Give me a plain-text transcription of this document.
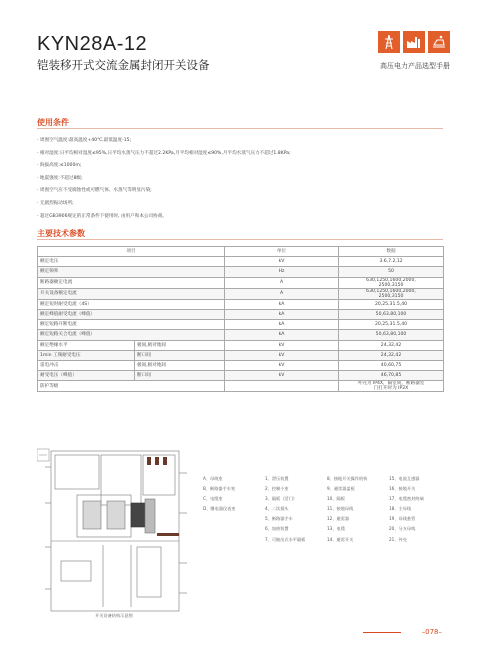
KYN28A-12
铠装移开式交流金属封闭开关设备	高压电力产品选型手册
使用条件
· 周围空气温度:最高温度+40℃,最低温度-15;
· 相对湿度:日平均相对湿度≤95%,日平均水蒸气压力不超过2.2KPa,月平均相对湿度≤90%,月平均水蒸气压力不超过1.8KPa;
· 海拔高度:≤1000m;
· 地震强度:不超过8级;
· 周围空气应不受腐蚀性或可燃气体、水蒸气等明显污染;
· 无剧烈振动场所;
· 超过GB3906规定的正常条件下使用时, 由用户和本公司协商。
主要技术参数
项目		单位	数据
额定电压		kV	3.6,7.2,12
额定频率		Hz	50
断路器额定电流		A	630,1250,1600,2000,
2500,3150
开关设备额定电流		A	630,1250,1600,2000,
2500,3150
额定短时耐受电流（4S）		kA	20,25,31.5,40
额定峰值耐受电流（峰值）		kA	50,63,80,100
额定短路开断电流		kA	20,25,31.5,40
额定短路关合电流（峰值）		kA	50,63,80,100
额定绝缘水平	极间,极对地间	kV	24,32,42
1min 工频耐受电压	断口间	kV	24,32,42
雷电冲击	极间,极对地间	kV	40,60,75
耐受电压（峰值）	断口间	kV	46,70,85
防护等级			外壳为 IP4X，隔室间，断路器室
门打开时为 IP2X
开关设备结构示意图
A、母线室	1、泄压装置	8、接地开关操作机构	15、电流互感器
B、断路器手车室	2、控制小室	9、避雷器盖板	16、接地开关
C、电缆室	3、隔板（活门）	10、隔板	17、电缆密封终端
D、继电器仪表室	4、二次插头	11、接地母线	18、主母线
5、断路器手车	12、避雷器	19、母线套管
6、加热装置	13、电缆	20、分支母线
7、可抽出式水平隔板	14、避雷开关	21、外壳
–078–
